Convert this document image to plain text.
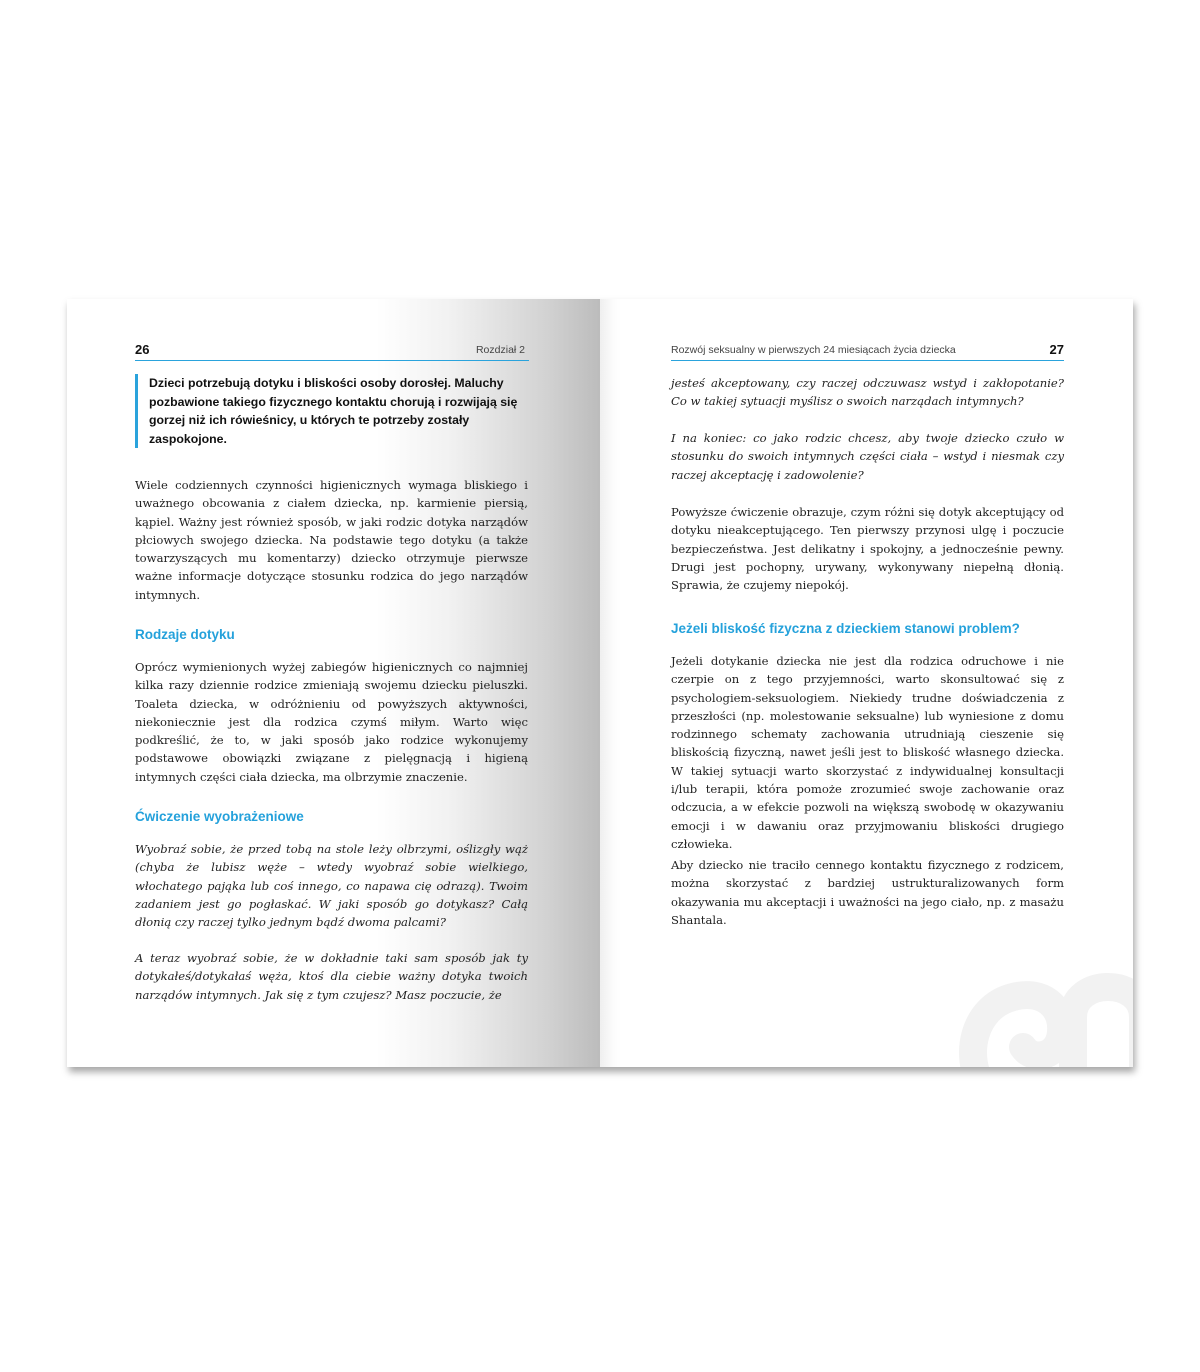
26	Rozdział 2
Dzieci potrzebują dotyku i bliskości osoby dorosłej. Maluchy pozbawione takiego fizycznego kontaktu chorują i rozwijają się gorzej niż ich rówieśnicy, u których te potrzeby zostały zaspokojone.

Wiele codziennych czynności higienicznych wymaga bliskiego i uważnego obcowania z ciałem dziecka, np. karmienie piersią, kąpiel. Ważny jest również sposób, w jaki rodzic dotyka narządów płciowych swojego dziecka. Na podstawie tego dotyku (a także towarzyszących mu komentarzy) dziecko otrzymuje pierwsze ważne informacje dotyczące stosunku rodzica do jego narządów intymnych.

Rodzaje dotyku

Oprócz wymienionych wyżej zabiegów higienicznych co najmniej kilka razy dziennie rodzice zmieniają swojemu dziecku pieluszki. Toaleta dziecka, w odróżnieniu od powyższych aktywności, niekoniecznie jest dla rodzica czymś miłym. Warto więc podkreślić, że to, w jaki sposób jako rodzice wykonujemy podstawowe obowiązki związane z pielęgnacją i higieną intymnych części ciała dziecka, ma olbrzymie znaczenie.

Ćwiczenie wyobrażeniowe

Wyobraź sobie, że przed tobą na stole leży olbrzymi, oślizgły wąż (chyba że lubisz węże – wtedy wyobraź sobie wielkiego, włochatego pająka lub coś innego, co napawa cię odrazą). Twoim zadaniem jest go pogłaskać. W jaki sposób go dotykasz? Całą dłonią czy raczej tylko jednym bądź dwoma palcami?

A teraz wyobraź sobie, że w dokładnie taki sam sposób jak ty dotykałeś/dotykałaś węża, ktoś dla ciebie ważny dotyka twoich narządów intymnych. Jak się z tym czujesz? Masz poczucie, że

Rozwój seksualny w pierwszych 24 miesiącach życia dziecka	27

jesteś akceptowany, czy raczej odczuwasz wstyd i zakłopotanie? Co w takiej sytuacji myślisz o swoich narządach intymnych?

I na koniec: co jako rodzic chcesz, aby twoje dziecko czuło w stosunku do swoich intymnych części ciała – wstyd i niesmak czy raczej akceptację i zadowolenie?

Powyższe ćwiczenie obrazuje, czym różni się dotyk akceptujący od dotyku nieakceptującego. Ten pierwszy przynosi ulgę i poczucie bezpieczeństwa. Jest delikatny i spokojny, a jednocześnie pewny. Drugi jest pochopny, urywany, wykonywany niepełną dłonią. Sprawia, że czujemy niepokój.

Jeżeli bliskość fizyczna z dzieckiem stanowi problem?

Jeżeli dotykanie dziecka nie jest dla rodzica odruchowe i nie czerpie on z tego przyjemności, warto skonsultować się z psychologiem-seksuologiem. Niekiedy trudne doświadczenia z przeszłości (np. molestowanie seksualne) lub wyniesione z domu rodzinnego schematy zachowania utrudniają cieszenie się bliskością fizyczną, nawet jeśli jest to bliskość własnego dziecka. W takiej sytuacji warto skorzystać z indywidualnej konsultacji i/lub terapii, która pomoże zrozumieć swoje zachowanie oraz odczucia, a w efekcie pozwoli na większą swobodę w okazywaniu emocji i w dawaniu oraz przyjmowaniu bliskości drugiego człowieka.

Aby dziecko nie traciło cennego kontaktu fizycznego z rodzicem, można skorzystać z bardziej ustrukturalizowanych form okazywania mu akceptacji i uważności na jego ciało, np. z masażu Shantala.
